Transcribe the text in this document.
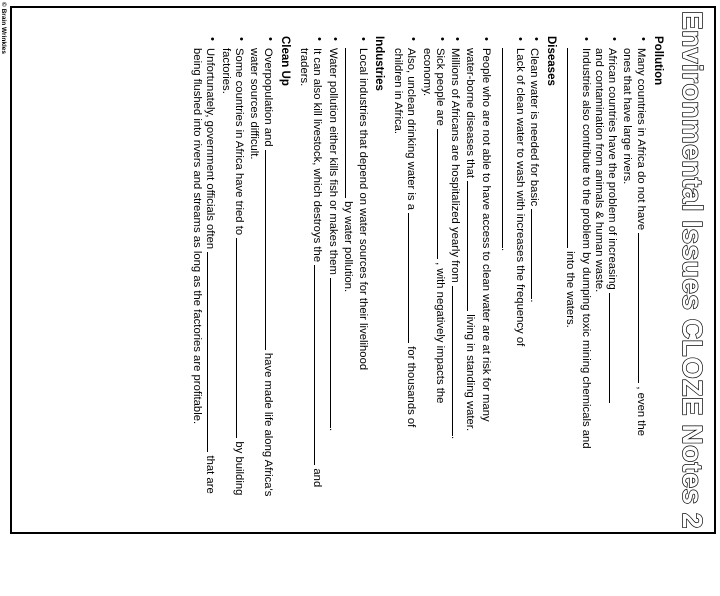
Environmental Issues CLOZE Notes 2
Pollution
• Many countries in Africa do not have  , even the
ones that have large rivers.
• African countries have the problem of increasing
and contamination from animals & human waste.
• Industries also contribute to the problem by dumping toxic mining chemicals and
into the waters.
Diseases
• Clean water is needed for basic .
• Lack of clean water to wash with increases the frequency of
.
• People who are not able to have access to clean water are at risk for many
water-borne diseases that  living in standing water.
• Millions of Africans are hospitalized yearly from .
• Sick people are  , with negatively impacts the
economy.
• Also, unclean drinking water is a  for thousands of
children in Africa.
Industries
• Local industries that depend on water sources for their livelihood
by water pollution.
• Water pollution either kills fish or makes them .
• It can also kill livestock, which destroys the  and
traders.
Clean Up
• Overpopulation and  have made life along Africa's
water sources difficult.
• Some countries in Africa have tried to  by building
factories.
• Unfortunately, government officials often  that are
being flushed into rivers and streams as long as the factories are profitable.
© Brain Wrinkles
